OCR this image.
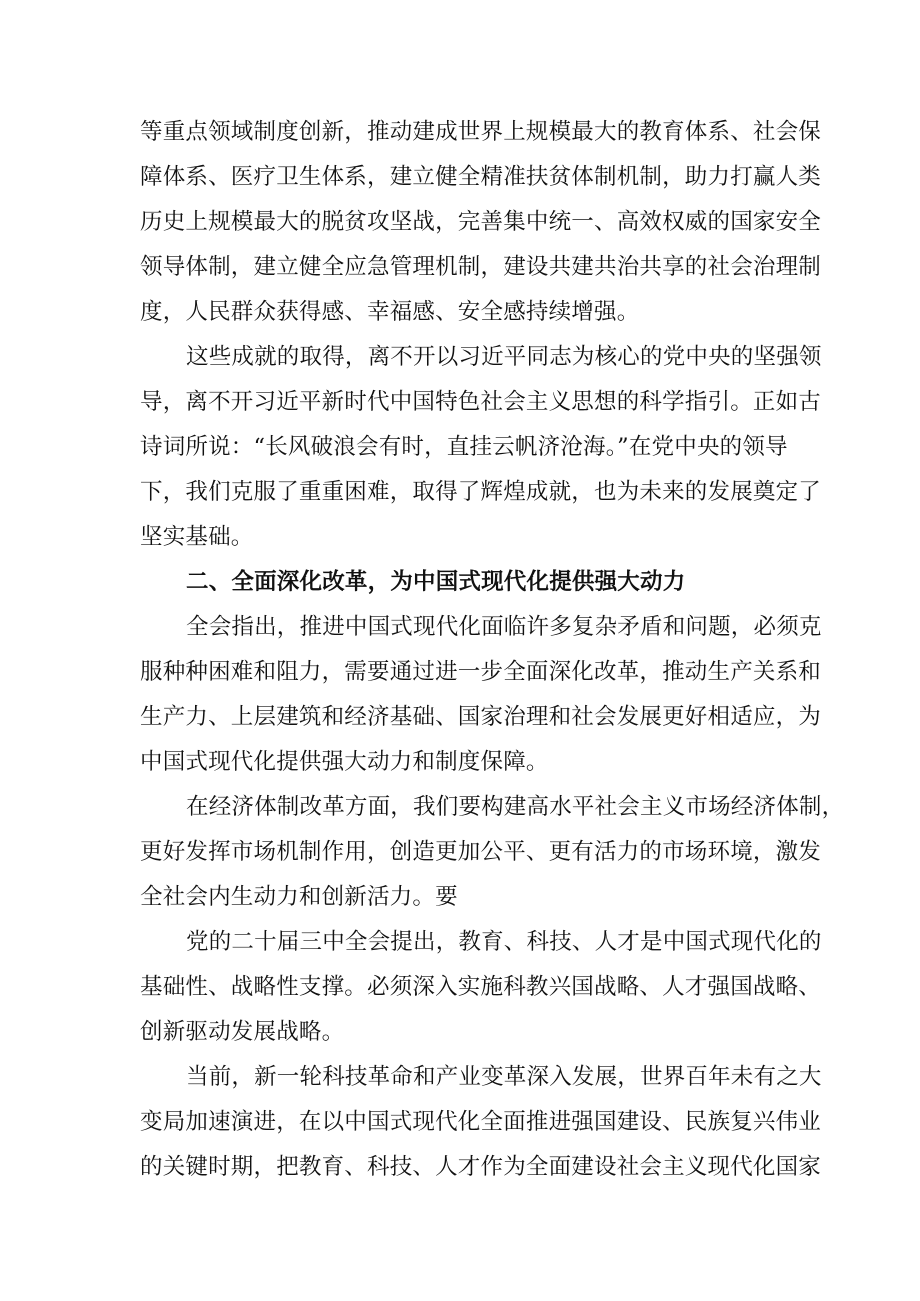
等重点领域制度创新，推动建成世界上规模最大的教育体系、社会保
障体系、医疗卫生体系，建立健全精准扶贫体制机制，助力打赢人类
历史上规模最大的脱贫攻坚战，完善集中统一、高效权威的国家安全
领导体制，建立健全应急管理机制，建设共建共治共享的社会治理制
度，人民群众获得感、幸福感、安全感持续增强。
这些成就的取得，离不开以习近平同志为核心的党中央的坚强领
导，离不开习近平新时代中国特色社会主义思想的科学指引。正如古
诗词所说：“长风破浪会有时，直挂云帆济沧海。”在党中央的领导
下，我们克服了重重困难，取得了辉煌成就，也为未来的发展奠定了
坚实基础。
二、全面深化改革，为中国式现代化提供强大动力
全会指出，推进中国式现代化面临许多复杂矛盾和问题，必须克
服种种困难和阻力，需要通过进一步全面深化改革，推动生产关系和
生产力、上层建筑和经济基础、国家治理和社会发展更好相适应，为
中国式现代化提供强大动力和制度保障。
在经济体制改革方面，我们要构建高水平社会主义市场经济体制，
更好发挥市场机制作用，创造更加公平、更有活力的市场环境，激发
全社会内生动力和创新活力。要
党的二十届三中全会提出，教育、科技、人才是中国式现代化的
基础性、战略性支撑。必须深入实施科教兴国战略、人才强国战略、
创新驱动发展战略。
当前，新一轮科技革命和产业变革深入发展，世界百年未有之大
变局加速演进，在以中国式现代化全面推进强国建设、民族复兴伟业
的关键时期，把教育、科技、人才作为全面建设社会主义现代化国家
